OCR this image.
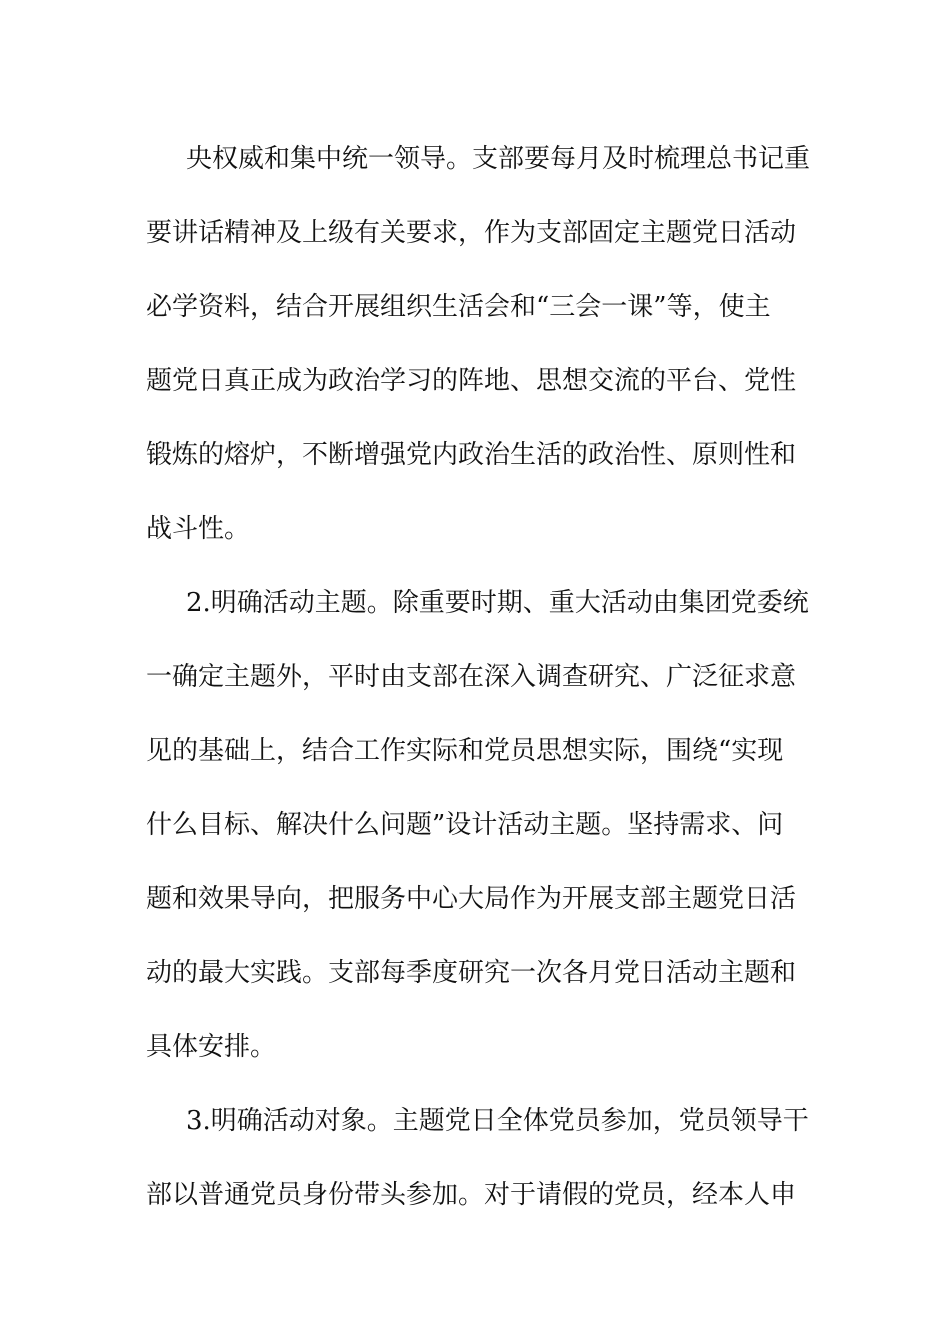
央权威和集中统一领导。支部要每月及时梳理总书记重
要讲话精神及上级有关要求，作为支部固定主题党日活动
必学资料，结合开展组织生活会和“三会一课”等，使主
题党日真正成为政治学习的阵地、思想交流的平台、党性
锻炼的熔炉，不断增强党内政治生活的政治性、原则性和
战斗性。
2.明确活动主题。除重要时期、重大活动由集团党委统
一确定主题外，平时由支部在深入调查研究、广泛征求意
见的基础上，结合工作实际和党员思想实际，围绕“实现
什么目标、解决什么问题”设计活动主题。坚持需求、问
题和效果导向，把服务中心大局作为开展支部主题党日活
动的最大实践。支部每季度研究一次各月党日活动主题和
具体安排。
3.明确活动对象。主题党日全体党员参加，党员领导干
部以普通党员身份带头参加。对于请假的党员，经本人申
